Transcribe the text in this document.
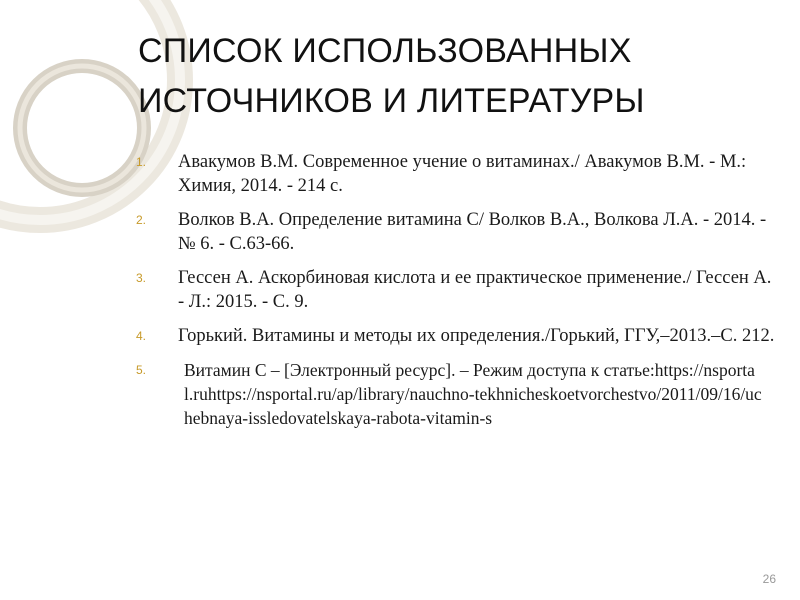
СПИСОК ИСПОЛЬЗОВАННЫХ
ИСТОЧНИКОВ И ЛИТЕРАТУРЫ
1.	Авакумов В.М. Современное учение о витаминах./ Авакумов В.М. - М.: Химия, 2014. - 214 с.
2.	Волков В.А. Определение витамина С/ Волков В.А., Волкова Л.А. - 2014. - № 6. - С.63-66.
3.	Гессен А. Аскорбиновая кислота и ее практическое применение./ Гессен А. - Л.: 2015. - С. 9.
4.	Горький. Витамины и методы их определения./Горький, ГГУ,–2013.–С. 212.
5.	Витамин С – [Электронный ресурс]. – Режим доступа к статье:https://nsportal.ruhttps://nsportal.ru/ap/library/nauchno-tekhnicheskoetvorchestvo/2011/09/16/uchebnaya-issledovatelskaya-rabota-vitamin-s
26
